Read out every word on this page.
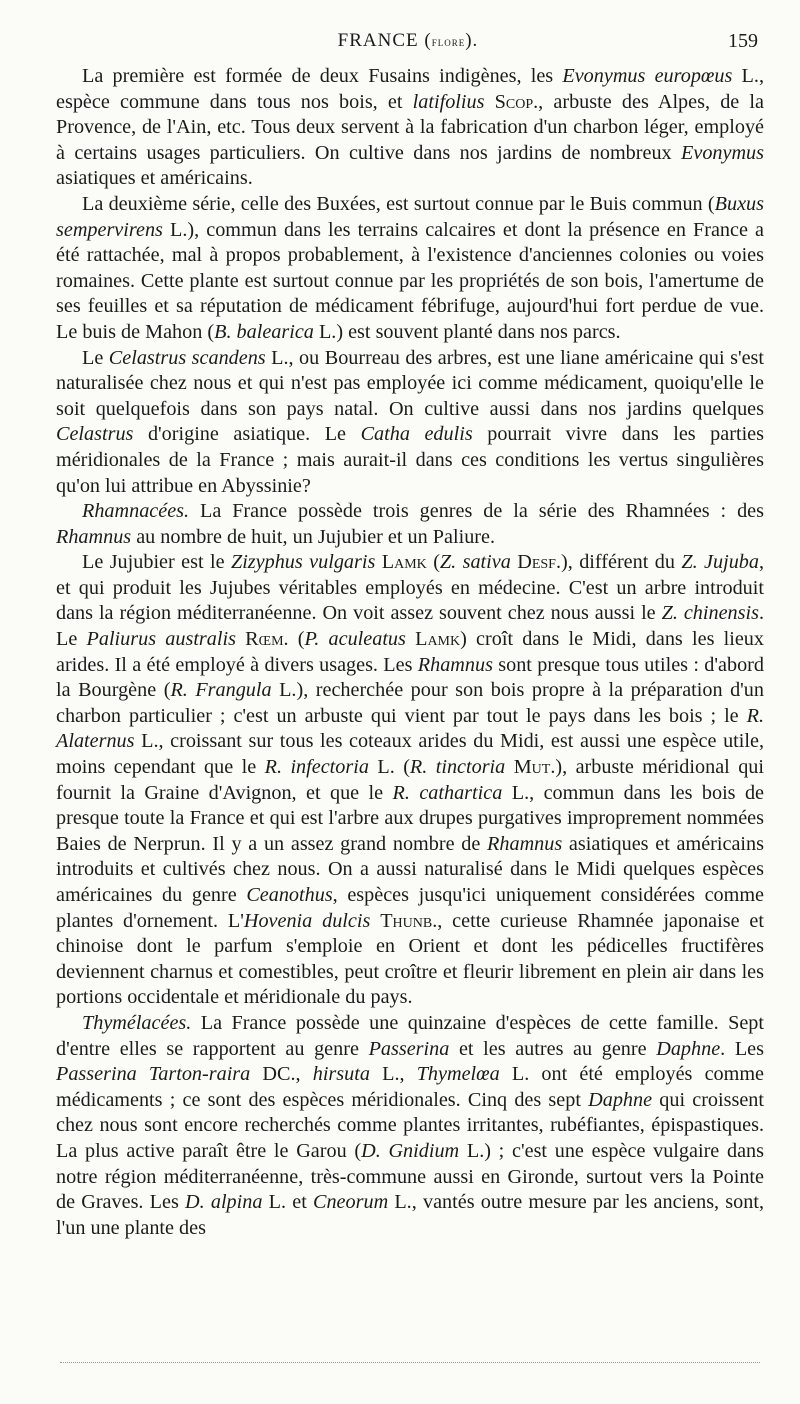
FRANCE (flore).	159

La première est formée de deux Fusains indigènes, les Evonymus europœus L., espèce commune dans tous nos bois, et latifolius Scop., arbuste des Alpes, de la Provence, de l'Ain, etc. Tous deux servent à la fabrication d'un charbon léger, employé à certains usages particuliers. On cultive dans nos jardins de nombreux Evonymus asiatiques et américains.

La deuxième série, celle des Buxées, est surtout connue par le Buis commun (Buxus sempervirens L.), commun dans les terrains calcaires et dont la présence en France a été rattachée, mal à propos probablement, à l'existence d'anciennes colonies ou voies romaines. Cette plante est surtout connue par les propriétés de son bois, l'amertume de ses feuilles et sa réputation de médicament fébrifuge, aujourd'hui fort perdue de vue. Le buis de Mahon (B. balearica L.) est souvent planté dans nos parcs.

Le Celastrus scandens L., ou Bourreau des arbres, est une liane américaine qui s'est naturalisée chez nous et qui n'est pas employée ici comme médicament, quoiqu'elle le soit quelquefois dans son pays natal. On cultive aussi dans nos jardins quelques Celastrus d'origine asiatique. Le Catha edulis pourrait vivre dans les parties méridionales de la France ; mais aurait-il dans ces conditions les vertus singulières qu'on lui attribue en Abyssinie?

Rhamnacées. La France possède trois genres de la série des Rhamnées : des Rhamnus au nombre de huit, un Jujubier et un Paliure.

Le Jujubier est le Zizyphus vulgaris Lamk (Z. sativa Desf.), différent du Z. Jujuba, et qui produit les Jujubes véritables employés en médecine. C'est un arbre introduit dans la région méditerranéenne. On voit assez souvent chez nous aussi le Z. chinensis. Le Paliurus australis Rœm. (P. aculeatus Lamk) croît dans le Midi, dans les lieux arides. Il a été employé à divers usages. Les Rhamnus sont presque tous utiles : d'abord la Bourgène (R. Frangula L.), recherchée pour son bois propre à la préparation d'un charbon particulier ; c'est un arbuste qui vient par tout le pays dans les bois ; le R. Alaternus L., croissant sur tous les coteaux arides du Midi, est aussi une espèce utile, moins cependant que le R. infectoria L. (R. tinctoria Mut.), arbuste méridional qui fournit la Graine d'Avignon, et que le R. cathartica L., commun dans les bois de presque toute la France et qui est l'arbre aux drupes purgatives improprement nommées Baies de Nerprun. Il y a un assez grand nombre de Rhamnus asiatiques et américains introduits et cultivés chez nous. On a aussi naturalisé dans le Midi quelques espèces américaines du genre Ceanothus, espèces jusqu'ici uniquement considérées comme plantes d'ornement. L'Hovenia dulcis Thunb., cette curieuse Rhamnée japonaise et chinoise dont le parfum s'emploie en Orient et dont les pédicelles fructifères deviennent charnus et comestibles, peut croître et fleurir librement en plein air dans les portions occidentale et méridionale du pays.

Thymélacées. La France possède une quinzaine d'espèces de cette famille. Sept d'entre elles se rapportent au genre Passerina et les autres au genre Daphne. Les Passerina Tarton-raira DC., hirsuta L., Thymelœa L. ont été employés comme médicaments ; ce sont des espèces méridionales. Cinq des sept Daphne qui croissent chez nous sont encore recherchés comme plantes irritantes, rubéfiantes, épispastiques. La plus active paraît être le Garou (D. Gnidium L.) ; c'est une espèce vulgaire dans notre région méditerranéenne, très-commune aussi en Gironde, surtout vers la Pointe de Graves. Les D. alpina L. et Cneorum L., vantés outre mesure par les anciens, sont, l'un une plante des
